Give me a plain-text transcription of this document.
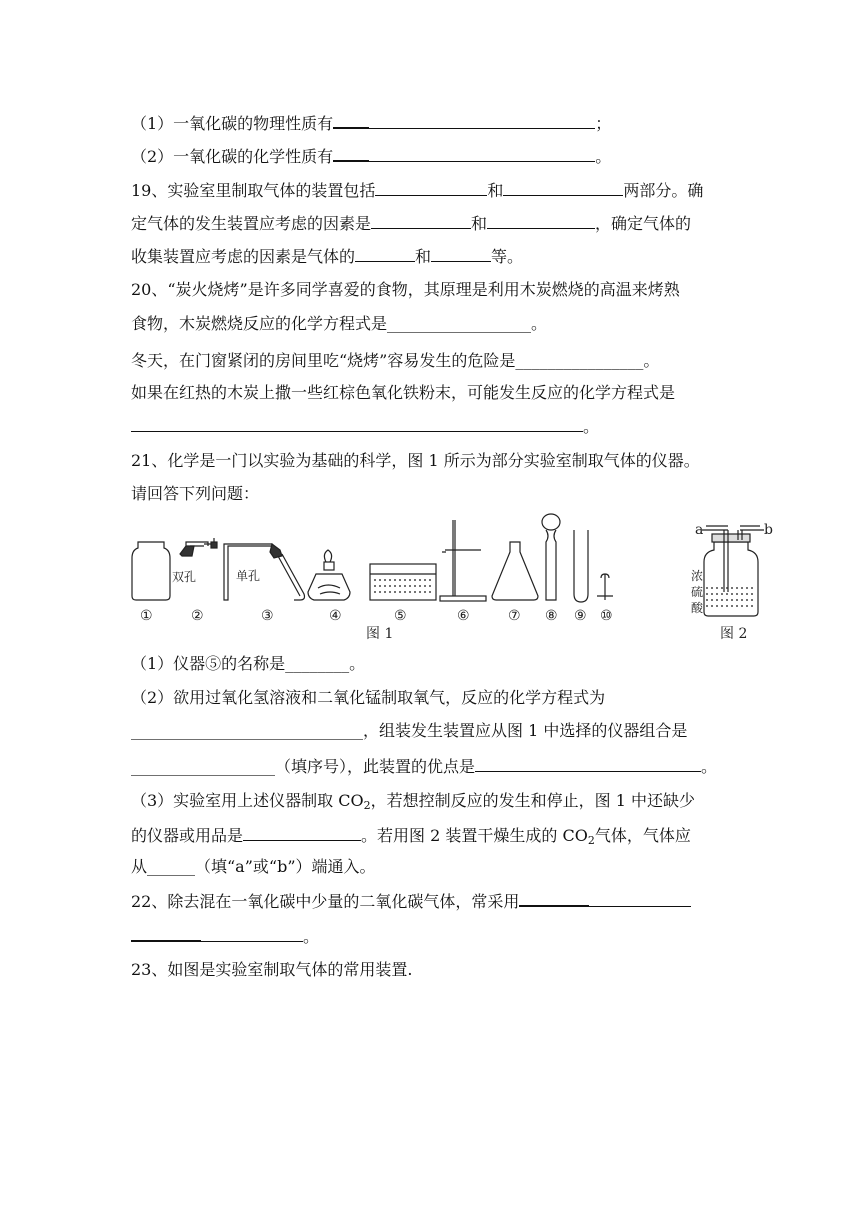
（1）一氧化碳的物理性质有	；
（2）一氧化碳的化学性质有	。
19、实验室里制取气体的装置包括	和	两部分。确
定气体的发生装置应考虑的因素是	和	，确定气体的
收集装置应考虑的因素是气体的	和	等。
20、“炭火烧烤”是许多同学喜爱的食物，其原理是利用木炭燃烧的高温来烤熟
食物，木炭燃烧反应的化学方程式是__________________。
冬天，在门窗紧闭的房间里吃“烧烤”容易发生的危险是________________。
如果在红热的木炭上撒一些红棕色氧化铁粉末，可能发生反应的化学方程式是
。
21、化学是一门以实验为基础的科学，图 1 所示为部分实验室制取气体的仪器。
请回答下列问题：
双孔	单孔
①	②	③	④	⑤	⑥	⑦ ⑧ ⑨ ⑩
图 1
a	b
浓
硫
酸
图 2
（1）仪器⑤的名称是________。
（2）欲用过氧化氢溶液和二氧化锰制取氧气，反应的化学方程式为
_____________________________，组装发生装置应从图 1 中选择的仪器组合是
__________________（填序号），此装置的优点是	。
（3）实验室用上述仪器制取 $CO_2$，若想控制反应的发生和停止，图 1 中还缺少
的仪器或用品是	。若用图 2 装置干燥生成的 $CO_2$气体，气体应
从______（填“a”或“b”）端通入。
22、除去混在一氧化碳中少量的二氧化碳气体，常采用
。
23、如图是实验室制取气体的常用装置.
